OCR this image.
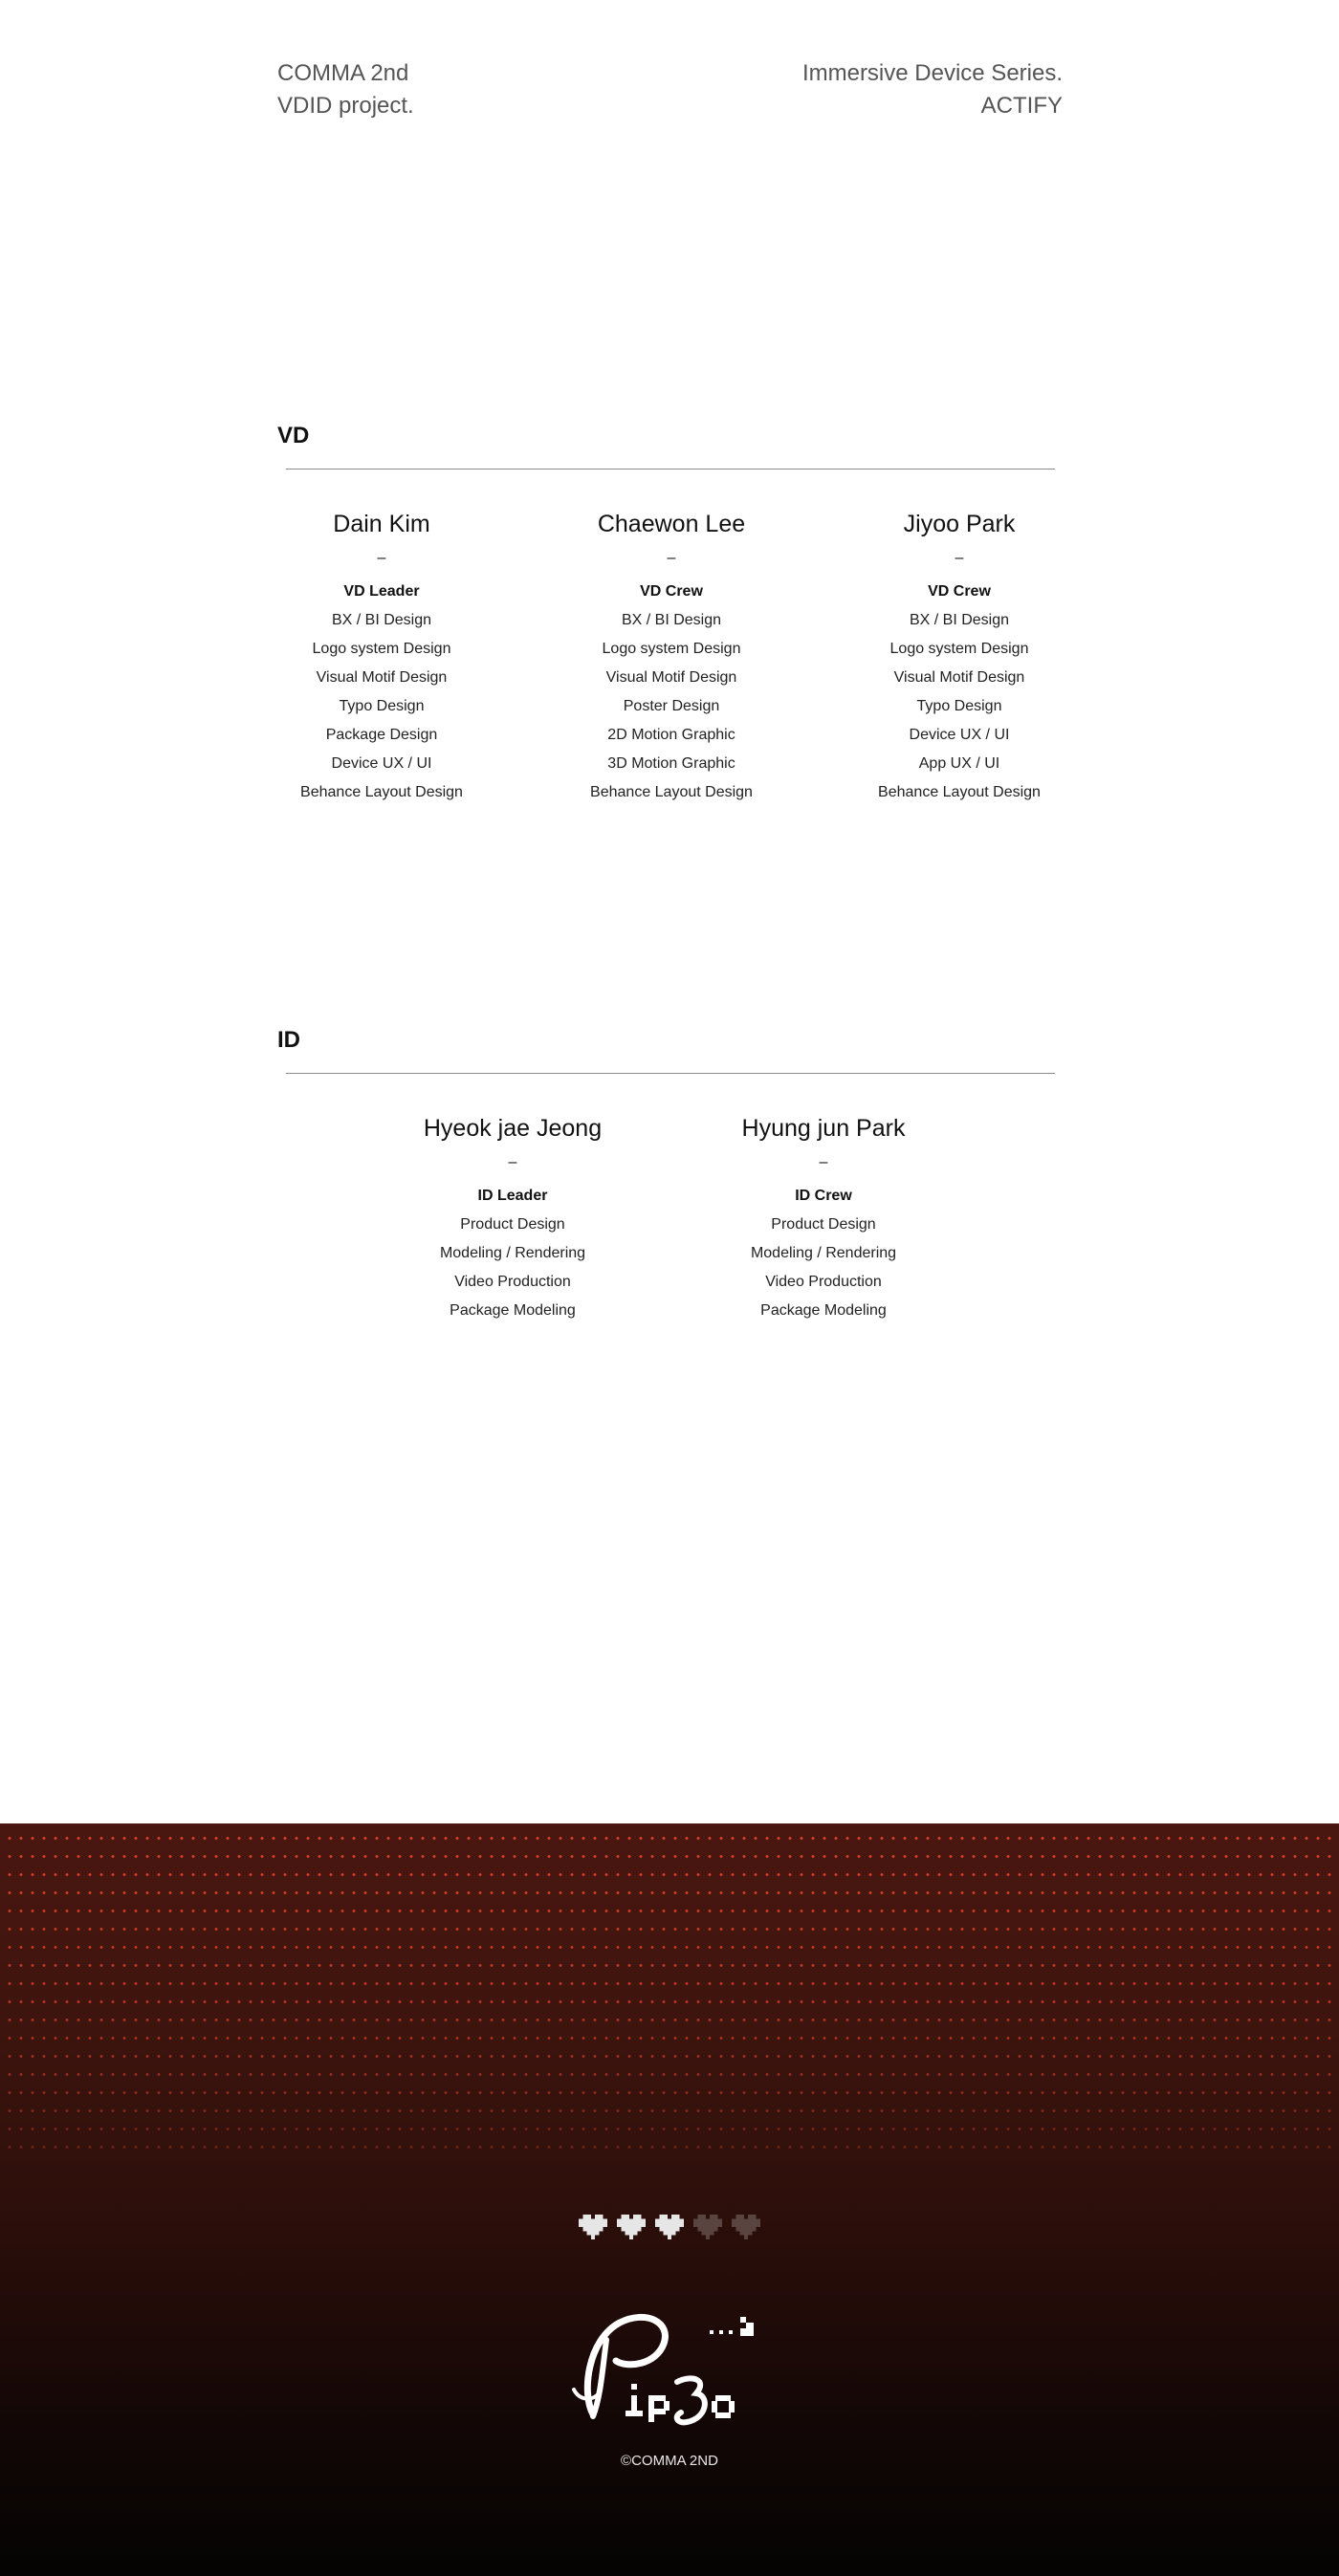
COMMA 2nd
VDID project.
Immersive Device Series.
ACTIFY
VD
Dain Kim
–
VD Leader
BX / BI Design
Logo system Design
Visual Motif Design
Typo Design
Package Design
Device UX / UI
Behance Layout Design
Chaewon Lee
–
VD Crew
BX / BI Design
Logo system Design
Visual Motif Design
Poster Design
2D Motion Graphic
3D Motion Graphic
Behance Layout Design
Jiyoo Park
–
VD Crew
BX / BI Design
Logo system Design
Visual Motif Design
Typo Design
Device UX / UI
App UX / UI
Behance Layout Design
ID
Hyeok jae Jeong
–
ID Leader
Product Design
Modeling / Rendering
Video Production
Package Modeling
Hyung jun Park
–
ID Crew
Product Design
Modeling / Rendering
Video Production
Package Modeling
©COMMA 2ND
